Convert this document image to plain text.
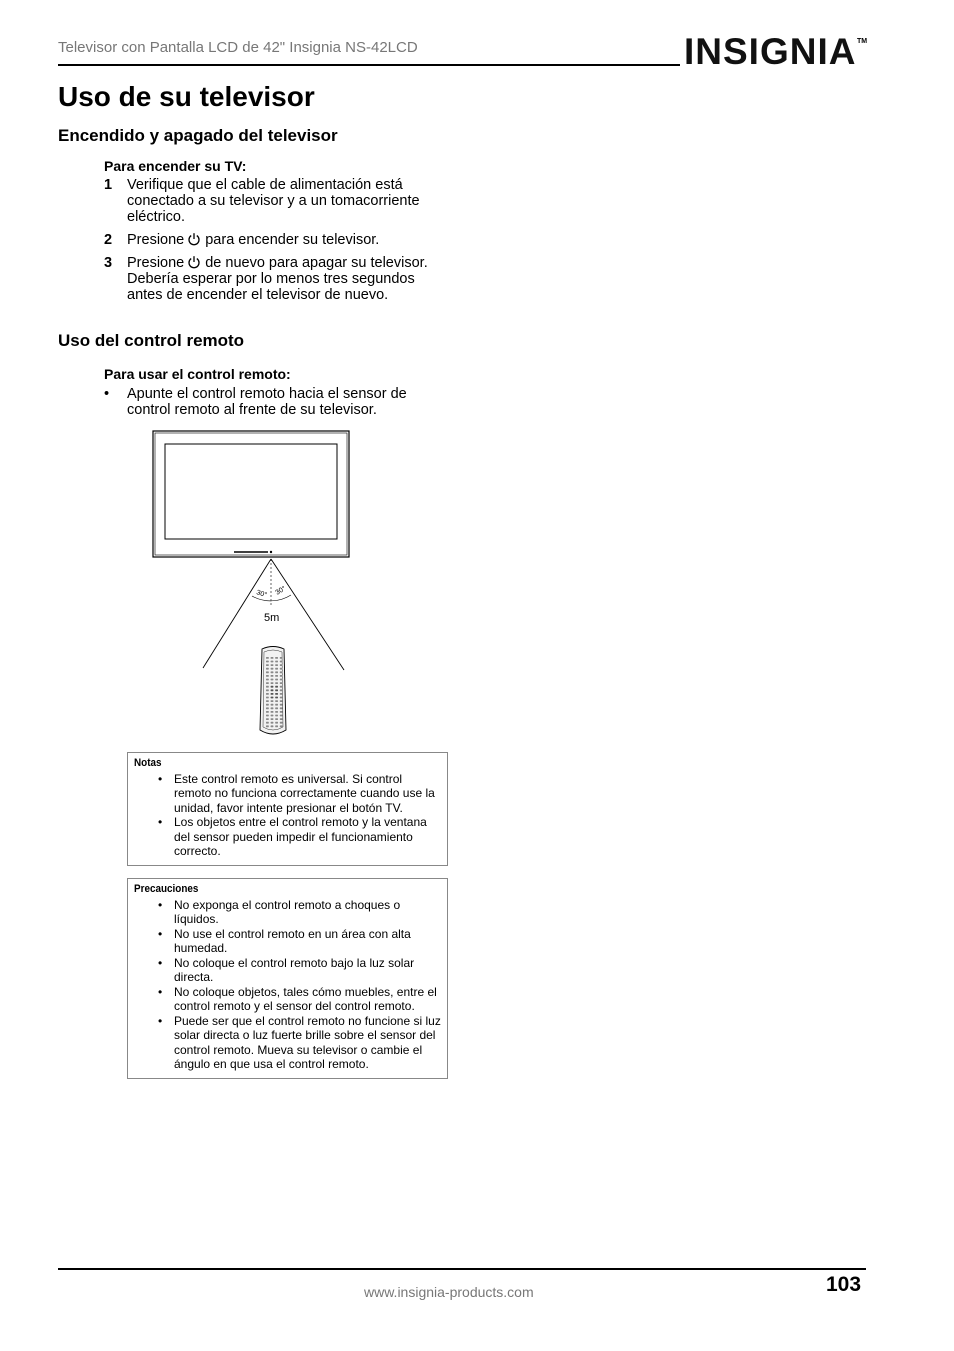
Televisor con Pantalla LCD de 42" Insignia NS-42LCD	INSIGNIA TM
Uso de su televisor
Encendido y apagado del televisor
Para encender su TV:
1 Verifique que el cable de alimentación está conectado a su televisor y a un tomacorriente eléctrico.
2 Presione para encender su televisor.
3 Presione de nuevo para apagar su televisor. Debería esperar por lo menos tres segundos antes de encender el televisor de nuevo.
Uso del control remoto
Para usar el control remoto:
• Apunte el control remoto hacia el sensor de control remoto al frente de su televisor.
30° 30°
5m
Notas
• Este control remoto es universal. Si control remoto no funciona correctamente cuando use la unidad, favor intente presionar el botón TV.
• Los objetos entre el control remoto y la ventana del sensor pueden impedir el funcionamiento correcto.
Precauciones
• No exponga el control remoto a choques o líquidos.
• No use el control remoto en un área con alta humedad.
• No coloque el control remoto bajo la luz solar directa.
• No coloque objetos, tales cómo muebles, entre el control remoto y el sensor del control remoto.
• Puede ser que el control remoto no funcione si luz solar directa o luz fuerte brille sobre el sensor del control remoto. Mueva su televisor o cambie el ángulo en que usa el control remoto.
www.insignia-products.com	103
